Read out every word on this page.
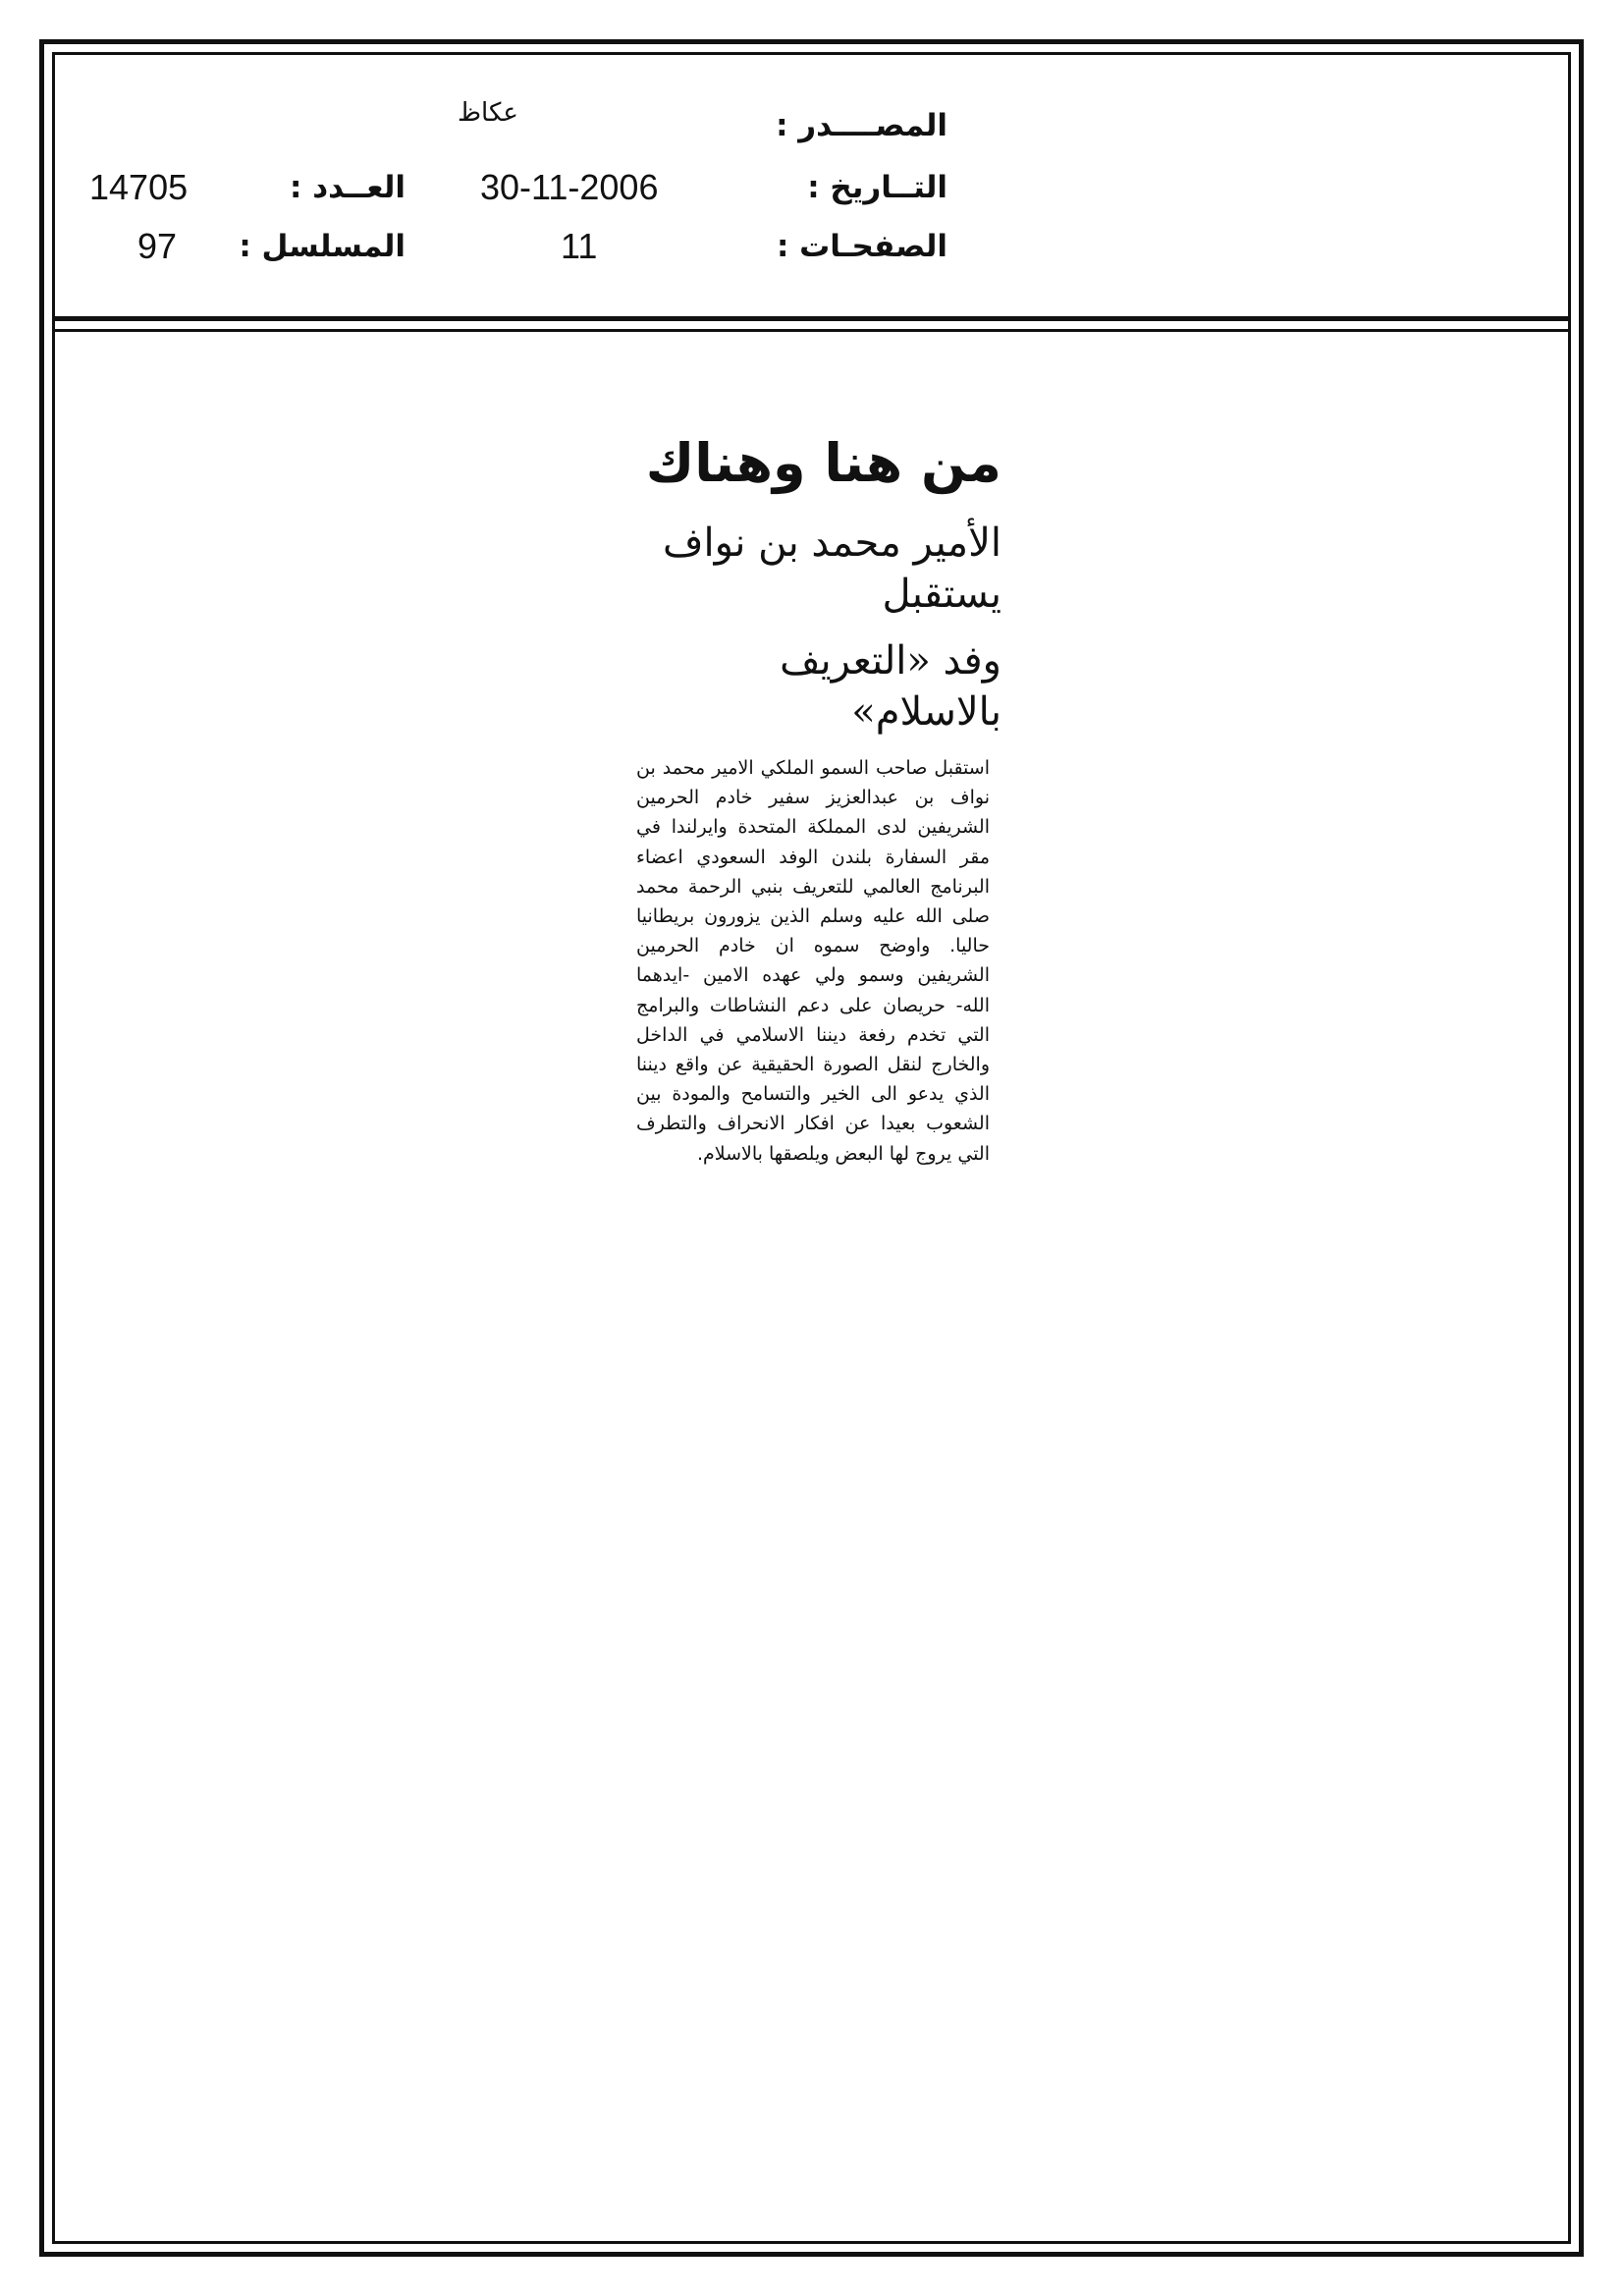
المصــــدر :
عكاظ
التــاريخ :
30-11-2006
العــدد :
14705
الصفحـات :
11
المسلسل :
97
من هنا وهناك
الأمير محمد بن نواف يستقبل
وفد «التعريف بالاسلام»
استقبل صاحب السمو الملكي الامير محمد بن نواف بن عبدالعزيز سفير خادم الحرمين الشريفين لدى المملكة المتحدة وايرلندا في مقر السفارة بلندن الوفد السعودي اعضاء البرنامج العالمي للتعريف بنبي الرحمة محمد صلى الله عليه وسلم الذين يزورون بريطانيا حاليا. واوضح سموه ان خادم الحرمين الشريفين وسمو ولي عهده الامين -ايدهما الله- حريصان على دعم النشاطات والبرامج التي تخدم رفعة ديننا الاسلامي في الداخل والخارج لنقل الصورة الحقيقية عن واقع ديننا الذي يدعو الى الخير والتسامح والمودة بين الشعوب بعيدا عن افكار الانحراف والتطرف التي يروج لها البعض ويلصقها بالاسلام.
